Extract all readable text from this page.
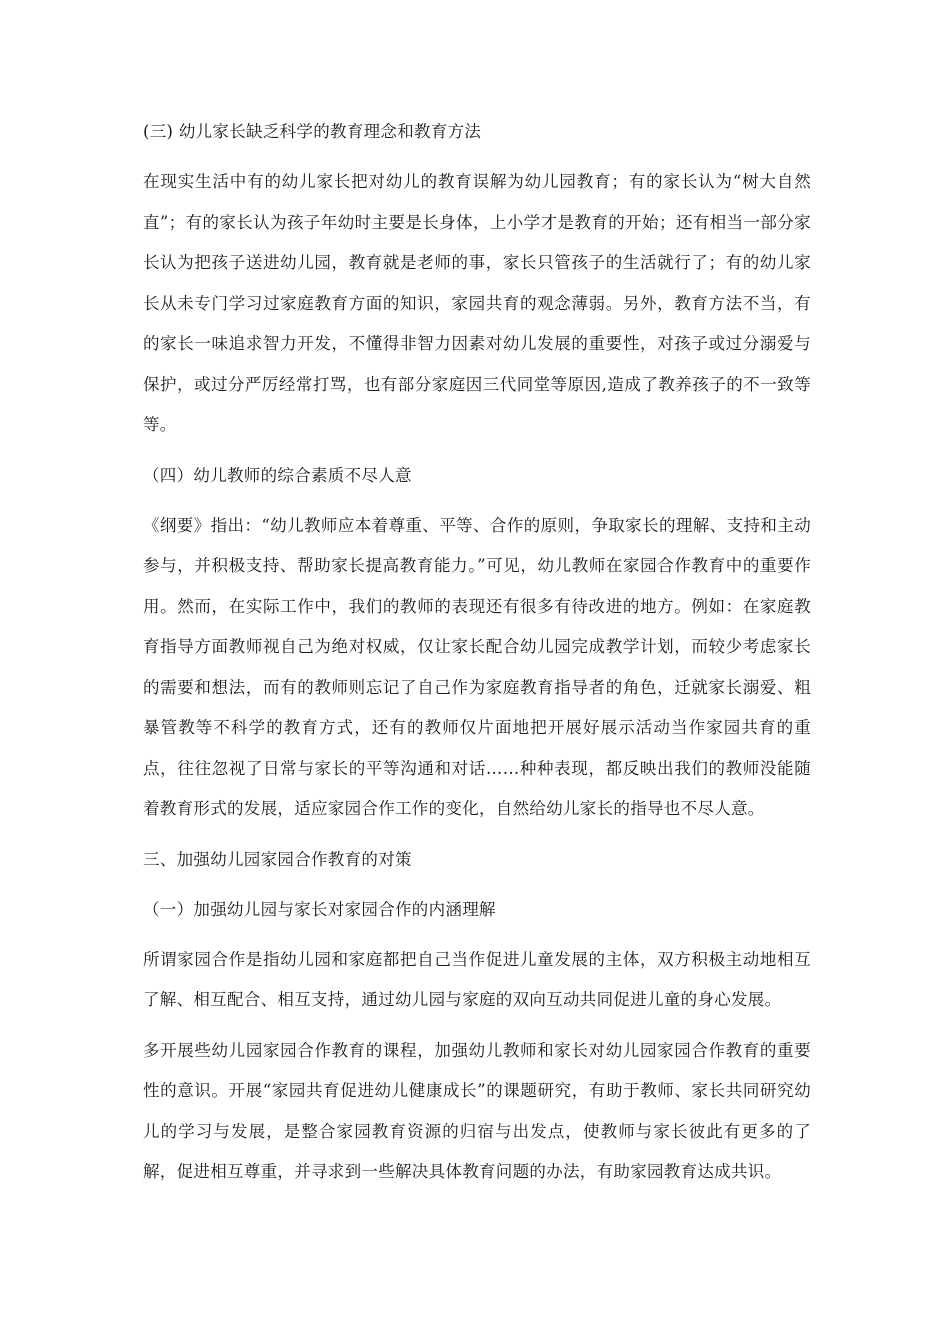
(三) 幼儿家长缺乏科学的教育理念和教育方法

在现实生活中有的幼儿家长把对幼儿的教育误解为幼儿园教育；有的家长认为“树大自然直”；有的家长认为孩子年幼时主要是长身体，上小学才是教育的开始；还有相当一部分家长认为把孩子送进幼儿园，教育就是老师的事，家长只管孩子的生活就行了；有的幼儿家长从未专门学习过家庭教育方面的知识，家园共育的观念薄弱。另外，教育方法不当，有的家长一味追求智力开发，不懂得非智力因素对幼儿发展的重要性，对孩子或过分溺爱与保护，或过分严厉经常打骂，也有部分家庭因三代同堂等原因,造成了教养孩子的不一致等等。

（四）幼儿教师的综合素质不尽人意

《纲要》指出：“幼儿教师应本着尊重、平等、合作的原则，争取家长的理解、支持和主动参与，并积极支持、帮助家长提高教育能力。”可见，幼儿教师在家园合作教育中的重要作用。然而，在实际工作中，我们的教师的表现还有很多有待改进的地方。例如：在家庭教育指导方面教师视自己为绝对权威，仅让家长配合幼儿园完成教学计划，而较少考虑家长的需要和想法，而有的教师则忘记了自己作为家庭教育指导者的角色，迁就家长溺爱、粗暴管教等不科学的教育方式，还有的教师仅片面地把开展好展示活动当作家园共育的重点，往往忽视了日常与家长的平等沟通和对话……种种表现，都反映出我们的教师没能随着教育形式的发展，适应家园合作工作的变化，自然给幼儿家长的指导也不尽人意。

三、加强幼儿园家园合作教育的对策

（一）加强幼儿园与家长对家园合作的内涵理解

所谓家园合作是指幼儿园和家庭都把自己当作促进儿童发展的主体，双方积极主动地相互了解、相互配合、相互支持，通过幼儿园与家庭的双向互动共同促进儿童的身心发展。

多开展些幼儿园家园合作教育的课程，加强幼儿教师和家长对幼儿园家园合作教育的重要性的意识。开展“家园共育促进幼儿健康成长”的课题研究，有助于教师、家长共同研究幼儿的学习与发展，是整合家园教育资源的归宿与出发点，使教师与家长彼此有更多的了解，促进相互尊重，并寻求到一些解决具体教育问题的办法，有助家园教育达成共识。
